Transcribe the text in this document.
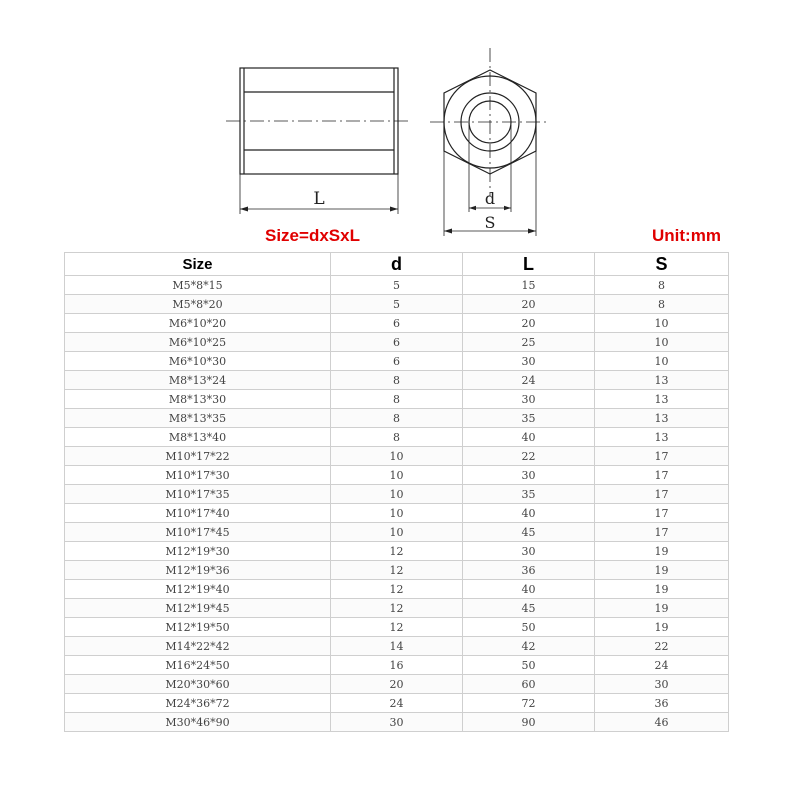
L	d
S
Size=dxSxL	Unit:mm
Size	d	L	S
M5*8*15	5	15	8
M5*8*20	5	20	8
M6*10*20	6	20	10
M6*10*25	6	25	10
M6*10*30	6	30	10
M8*13*24	8	24	13
M8*13*30	8	30	13
M8*13*35	8	35	13
M8*13*40	8	40	13
M10*17*22	10	22	17
M10*17*30	10	30	17
M10*17*35	10	35	17
M10*17*40	10	40	17
M10*17*45	10	45	17
M12*19*30	12	30	19
M12*19*36	12	36	19
M12*19*40	12	40	19
M12*19*45	12	45	19
M12*19*50	12	50	19
M14*22*42	14	42	22
M16*24*50	16	50	24
M20*30*60	20	60	30
M24*36*72	24	72	36
M30*46*90	30	90	46
